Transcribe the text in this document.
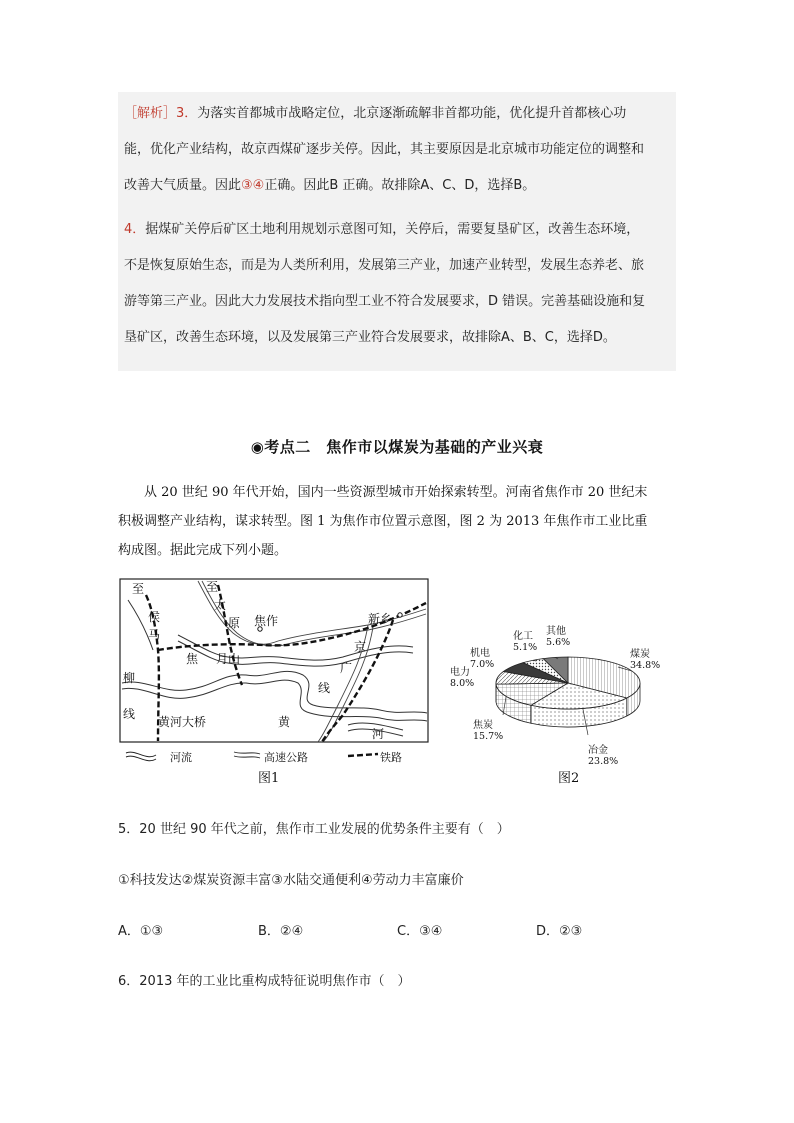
［解析］3．为落实首都城市战略定位，北京逐渐疏解非首都功能，优化提升首都核心功

能，优化产业结构，故京西煤矿逐步关停。因此，其主要原因是北京城市功能定位的调整和

改善大气质量。因此③④正确。因此B 正确。故排除A、C、D，选择B。

4．据煤矿关停后矿区土地利用规划示意图可知，关停后，需要复垦矿区，改善生态环境，

不是恢复原始生态，而是为人类所利用，发展第三产业，加速产业转型，发展生态养老、旅

游等第三产业。因此大力发展技术指向型工业不符合发展要求，D 错误。完善基础设施和复

垦矿区，改善生态环境，以及发展第三产业符合发展要求，故排除A、B、C，选择D。

◉考点二　焦作市以煤炭为基础的产业兴衰
从 20 世纪 90 年代开始，国内一些资源型城市开始探索转型。河南省焦作市 20 世纪末
积极调整产业结构，谋求转型。图 1 为焦作市位置示意图，图 2 为 2013 年焦作市工业比重
构成图。据此完成下列小题。
至
侯
马
柳
线
至
太
原 焦作
焦 月山
新乡
京
广
线
黄河大桥	黄
河
河流	高速公路	铁路
图1
煤炭
34.8%
冶金
23.8%
焦炭
15.7%
电力
8.0%
机电
7.0%
化工
5.1%
其他
5.6%
图2
5．20 世纪 90 年代之前，焦作市工业发展的优势条件主要有（　）
①科技发达②煤炭资源丰富③水陆交通便利④劳动力丰富廉价
A．①③	B．②④	C．③④	D．②③
6．2013 年的工业比重构成特征说明焦作市（　）
